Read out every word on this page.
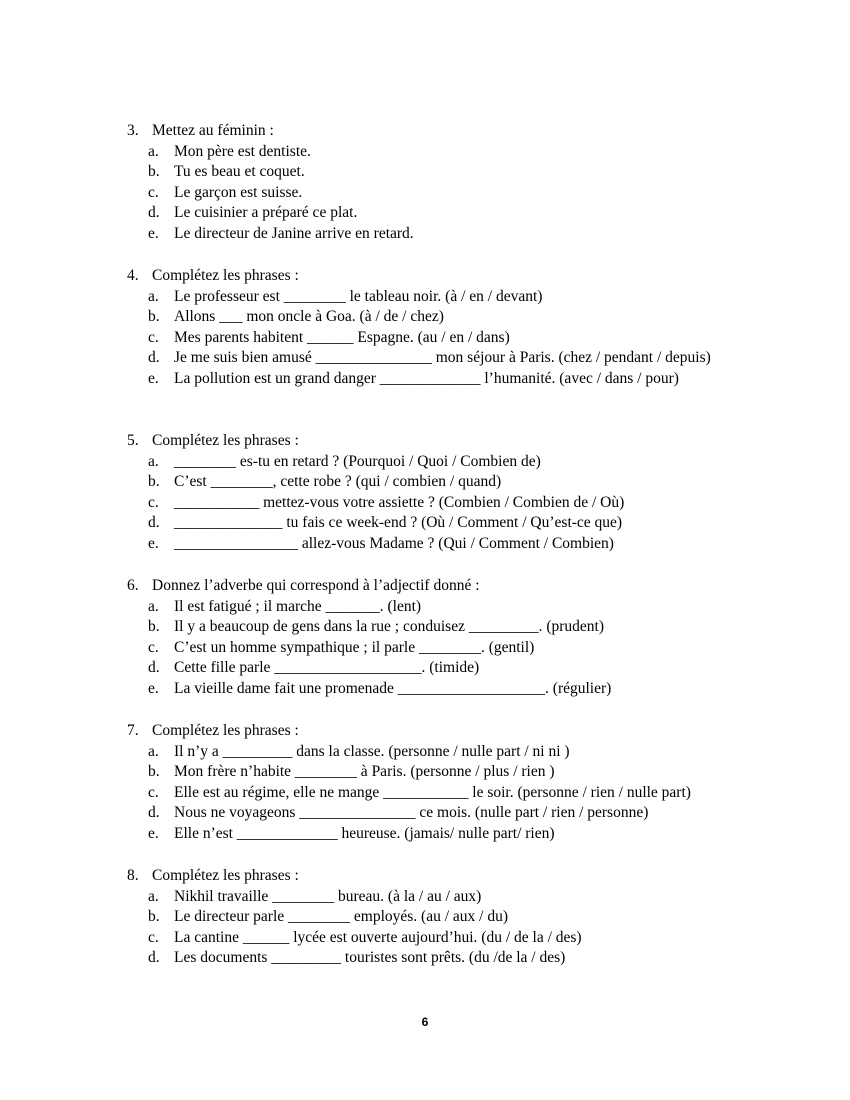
3. Mettez au féminin :
a. Mon père est dentiste.
b. Tu es beau et coquet.
c. Le garçon est suisse.
d. Le cuisinier a préparé ce plat.
e. Le directeur de Janine arrive en retard.
4. Complétez les phrases :
a. Le professeur est ________ le tableau noir. (à / en / devant)
b. Allons ___ mon oncle à Goa. (à / de / chez)
c. Mes parents habitent ______ Espagne. (au / en / dans)
d. Je me suis bien amusé _______________ mon séjour à Paris. (chez / pendant / depuis)
e. La pollution est un grand danger _____________ l’humanité. (avec / dans / pour)
5. Complétez les phrases :
a. ________ es-tu en retard ? (Pourquoi / Quoi / Combien de)
b. C’est ________, cette robe ? (qui / combien / quand)
c. ___________ mettez-vous votre assiette ? (Combien / Combien de / Où)
d. ______________ tu fais ce week-end ? (Où / Comment / Qu’est-ce que)
e. ________________ allez-vous Madame ? (Qui / Comment / Combien)
6. Donnez l’adverbe qui correspond à l’adjectif donné :
a. Il est fatigué ; il marche _______. (lent)
b. Il y a beaucoup de gens dans la rue ; conduisez _________. (prudent)
c. C’est un homme sympathique ; il parle ________. (gentil)
d. Cette fille parle ___________________. (timide)
e. La vieille dame fait une promenade ___________________. (régulier)
7. Complétez les phrases :
a. Il n’y a _________ dans la classe. (personne / nulle part / ni ni )
b. Mon frère n’habite ________ à Paris. (personne / plus / rien )
c. Elle est au régime, elle ne mange ___________ le soir. (personne / rien / nulle part)
d. Nous ne voyageons _______________ ce mois. (nulle part / rien / personne)
e. Elle n’est _____________ heureuse. (jamais/ nulle part/ rien)
8. Complétez les phrases :
a. Nikhil travaille ________ bureau. (à la / au / aux)
b. Le directeur parle ________ employés. (au / aux / du)
c. La cantine ______ lycée est ouverte aujourd’hui. (du / de la / des)
d. Les documents _________ touristes sont prêts. (du /de la / des)
6
